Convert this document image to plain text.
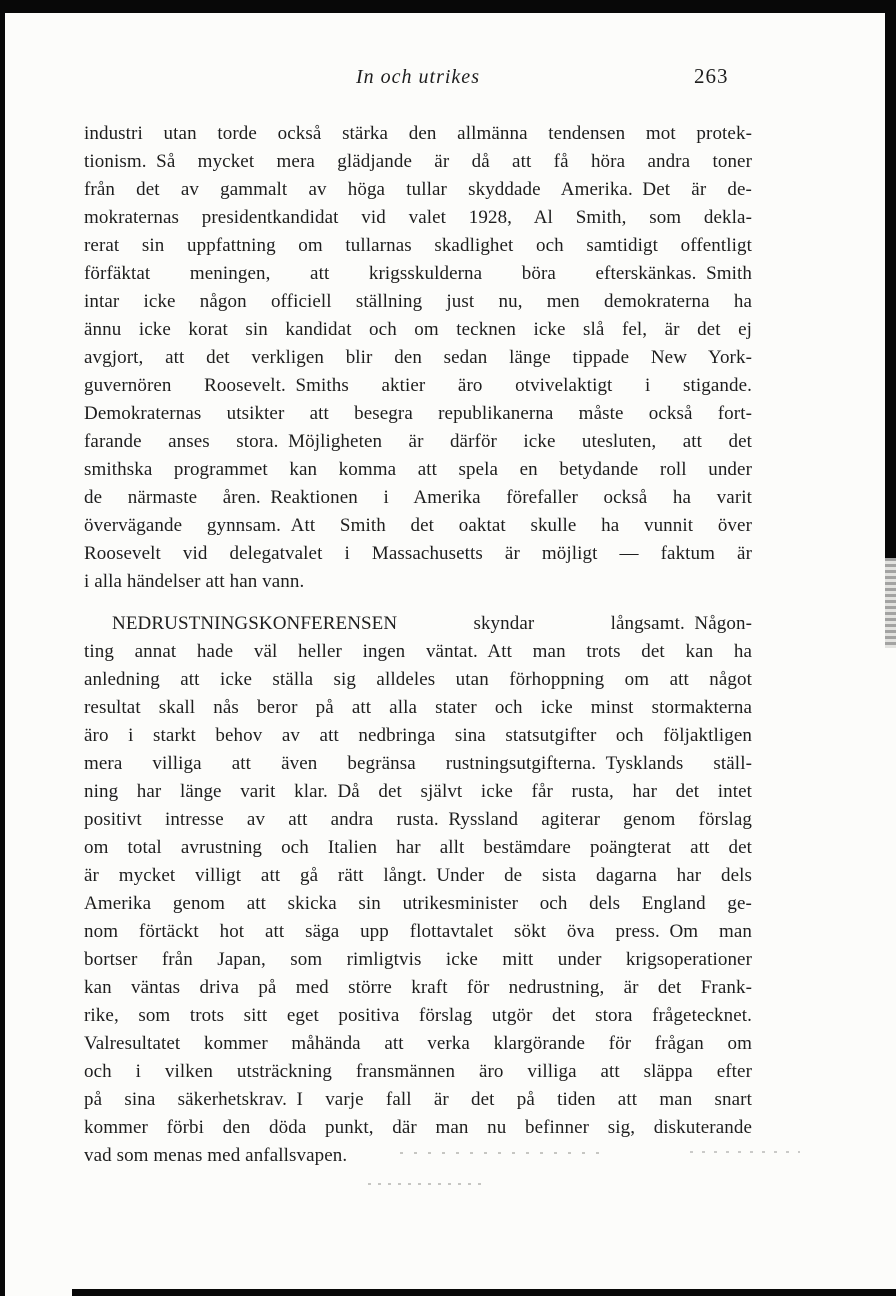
In och utrikes	263
industri utan torde också stärka den allmänna tendensen mot protek-
tionism. Så mycket mera glädjande är då att få höra andra toner
från det av gammalt av höga tullar skyddade Amerika. Det är de-
mokraternas presidentkandidat vid valet 1928, Al Smith, som dekla-
rerat sin uppfattning om tullarnas skadlighet och samtidigt offentligt
förfäktat meningen, att krigsskulderna böra efterskänkas. Smith
intar icke någon officiell ställning just nu, men demokraterna ha
ännu icke korat sin kandidat och om tecknen icke slå fel, är det ej
avgjort, att det verkligen blir den sedan länge tippade New York-
guvernören Roosevelt. Smiths aktier äro otvivelaktigt i stigande.
Demokraternas utsikter att besegra republikanerna måste också fort-
farande anses stora. Möjligheten är därför icke utesluten, att det
smithska programmet kan komma att spela en betydande roll under
de närmaste åren. Reaktionen i Amerika förefaller också ha varit
övervägande gynnsam. Att Smith det oaktat skulle ha vunnit över
Roosevelt vid delegatvalet i Massachusetts är möjligt — faktum är
i alla händelser att han vann.
NEDRUSTNINGSKONFERENSEN skyndar långsamt. Någon-
ting annat hade väl heller ingen väntat. Att man trots det kan ha
anledning att icke ställa sig alldeles utan förhoppning om att något
resultat skall nås beror på att alla stater och icke minst stormakterna
äro i starkt behov av att nedbringa sina statsutgifter och följaktligen
mera villiga att även begränsa rustningsutgifterna. Tysklands ställ-
ning har länge varit klar. Då det självt icke får rusta, har det intet
positivt intresse av att andra rusta. Ryssland agiterar genom förslag
om total avrustning och Italien har allt bestämdare poängterat att det
är mycket villigt att gå rätt långt. Under de sista dagarna har dels
Amerika genom att skicka sin utrikesminister och dels England ge-
nom förtäckt hot att säga upp flottavtalet sökt öva press. Om man
bortser från Japan, som rimligtvis icke mitt under krigsoperationer
kan väntas driva på med större kraft för nedrustning, är det Frank-
rike, som trots sitt eget positiva förslag utgör det stora frågetecknet.
Valresultatet kommer måhända att verka klargörande för frågan om
och i vilken utsträckning fransmännen äro villiga att släppa efter
på sina säkerhetskrav. I varje fall är det på tiden att man snart
kommer förbi den döda punkt, där man nu befinner sig, diskuterande
vad som menas med anfallsvapen.
